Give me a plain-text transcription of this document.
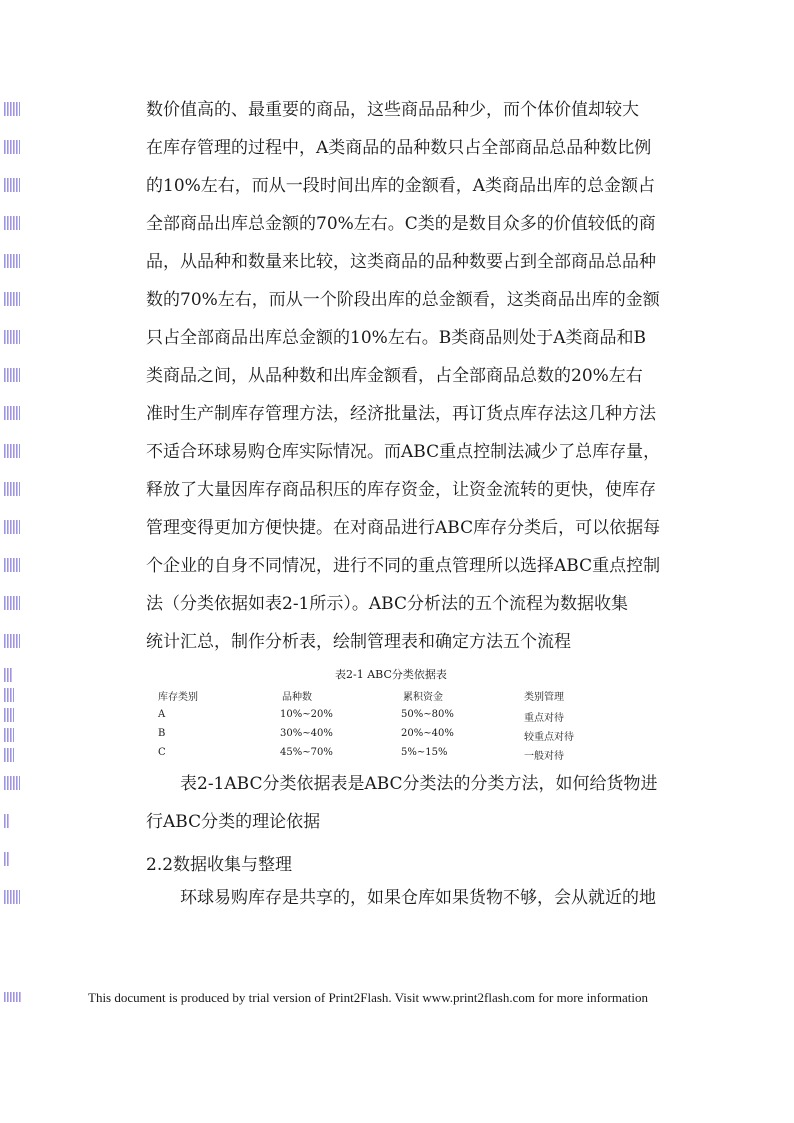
数价值高的、最重要的商品，这些商品品种少，而个体价值却较大
在库存管理的过程中，A类商品的品种数只占全部商品总品种数比例
的10%左右，而从一段时间出库的金额看，A类商品出库的总金额占
全部商品出库总金额的70%左右。C类的是数目众多的价值较低的商
品，从品种和数量来比较，这类商品的品种数要占到全部商品总品种
数的70%左右，而从一个阶段出库的总金额看，这类商品出库的金额
只占全部商品出库总金额的10%左右。B类商品则处于A类商品和B
类商品之间，从品种数和出库金额看，占全部商品总数的20%左右
准时生产制库存管理方法，经济批量法，再订货点库存法这几种方法
不适合环球易购仓库实际情况。而ABC重点控制法减少了总库存量，
释放了大量因库存商品积压的库存资金，让资金流转的更快，使库存
管理变得更加方便快捷。在对商品进行ABC库存分类后，可以依据每
个企业的自身不同情况，进行不同的重点管理所以选择ABC重点控制
法（分类依据如表2-1所示）。ABC分析法的五个流程为数据收集
统计汇总，制作分析表，绘制管理表和确定方法五个流程
表2-1 ABC分类依据表
库存类别	品种数	累积资金	类别管理
A	10%~20%	50%~80%	重点对待
B	30%~40%	20%~40%	较重点对待
C	45%~70%	5%~15%	一般对待
表2-1ABC分类依据表是ABC分类法的分类方法，如何给货物进
行ABC分类的理论依据
2.2数据收集与整理
环球易购库存是共享的，如果仓库如果货物不够，会从就近的地
This document is produced by trial version of Print2Flash. Visit www.print2flash.com for more information
